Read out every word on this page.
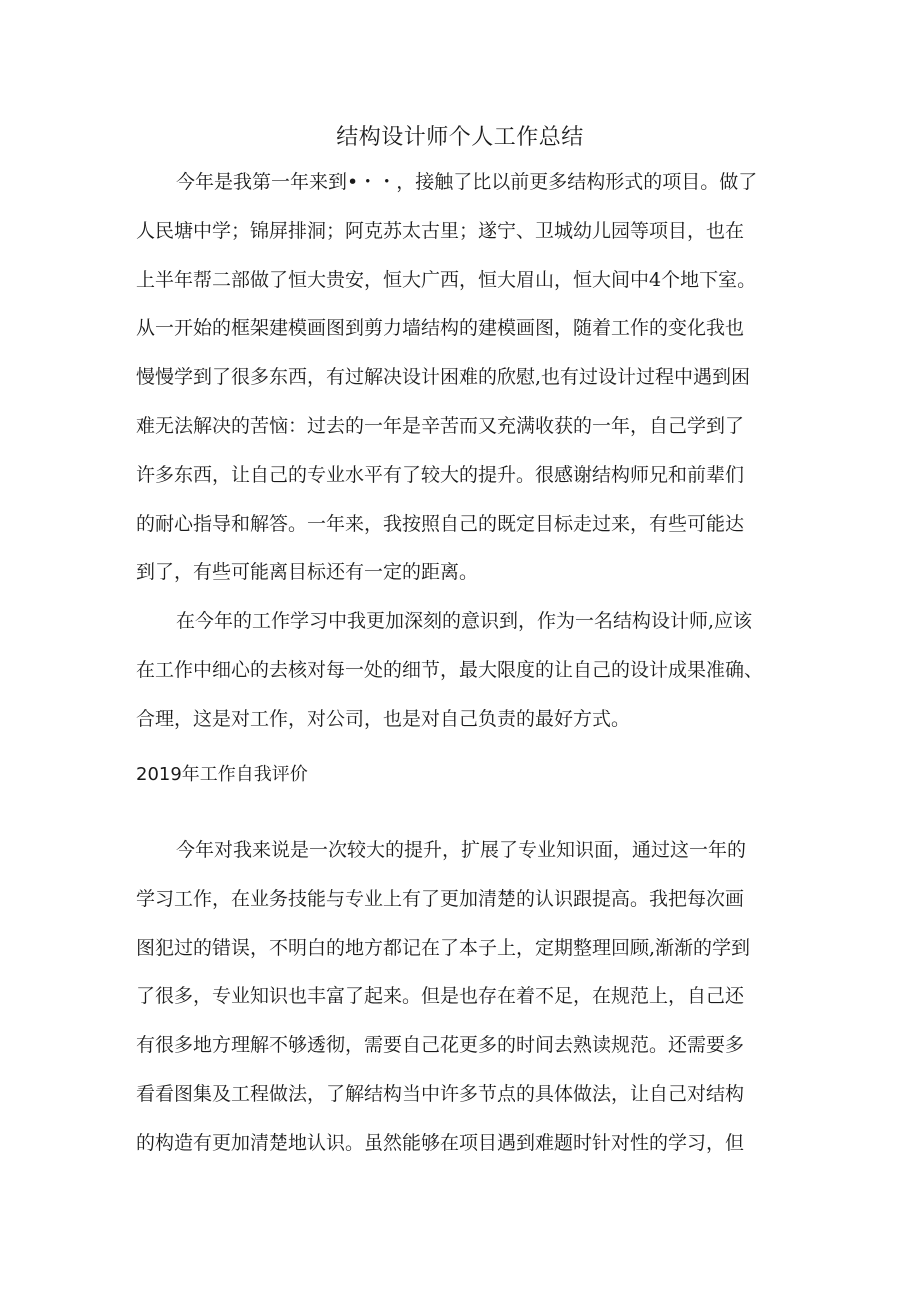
结构设计师个人工作总结

今年是我第一年来到•・・，接触了比以前更多结构形式的项目。做了
人民塘中学；锦屏排洞；阿克苏太古里；遂宁、卫城幼儿园等项目，也在
上半年帮二部做了恒大贵安，恒大广西，恒大眉山，恒大间中4个地下室。
从一开始的框架建模画图到剪力墙结构的建模画图，随着工作的变化我也
慢慢学到了很多东西，有过解决设计困难的欣慰,也有过设计过程中遇到困
难无法解决的苦恼：过去的一年是辛苦而又充满收获的一年，自己学到了
许多东西，让自己的专业水平有了较大的提升。很感谢结构师兄和前辈们
的耐心指导和解答。一年来，我按照自己的既定目标走过来，有些可能达
到了，有些可能离目标还有一定的距离。

在今年的工作学习中我更加深刻的意识到，作为一名结构设计师,应该
在工作中细心的去核对每一处的细节，最大限度的让自己的设计成果准确、
合理，这是对工作，对公司，也是对自己负责的最好方式。

2019年工作自我评价

今年对我来说是一次较大的提升，扩展了专业知识面，通过这一年的
学习工作，在业务技能与专业上有了更加清楚的认识跟提高。我把每次画
图犯过的错误，不明白的地方都记在了本子上，定期整理回顾,渐渐的学到
了很多，专业知识也丰富了起来。但是也存在着不足，在规范上，自己还
有很多地方理解不够透彻，需要自己花更多的时间去熟读规范。还需要多
看看图集及工程做法，了解结构当中许多节点的具体做法，让自己对结构
的构造有更加清楚地认识。虽然能够在项目遇到难题时针对性的学习，但
